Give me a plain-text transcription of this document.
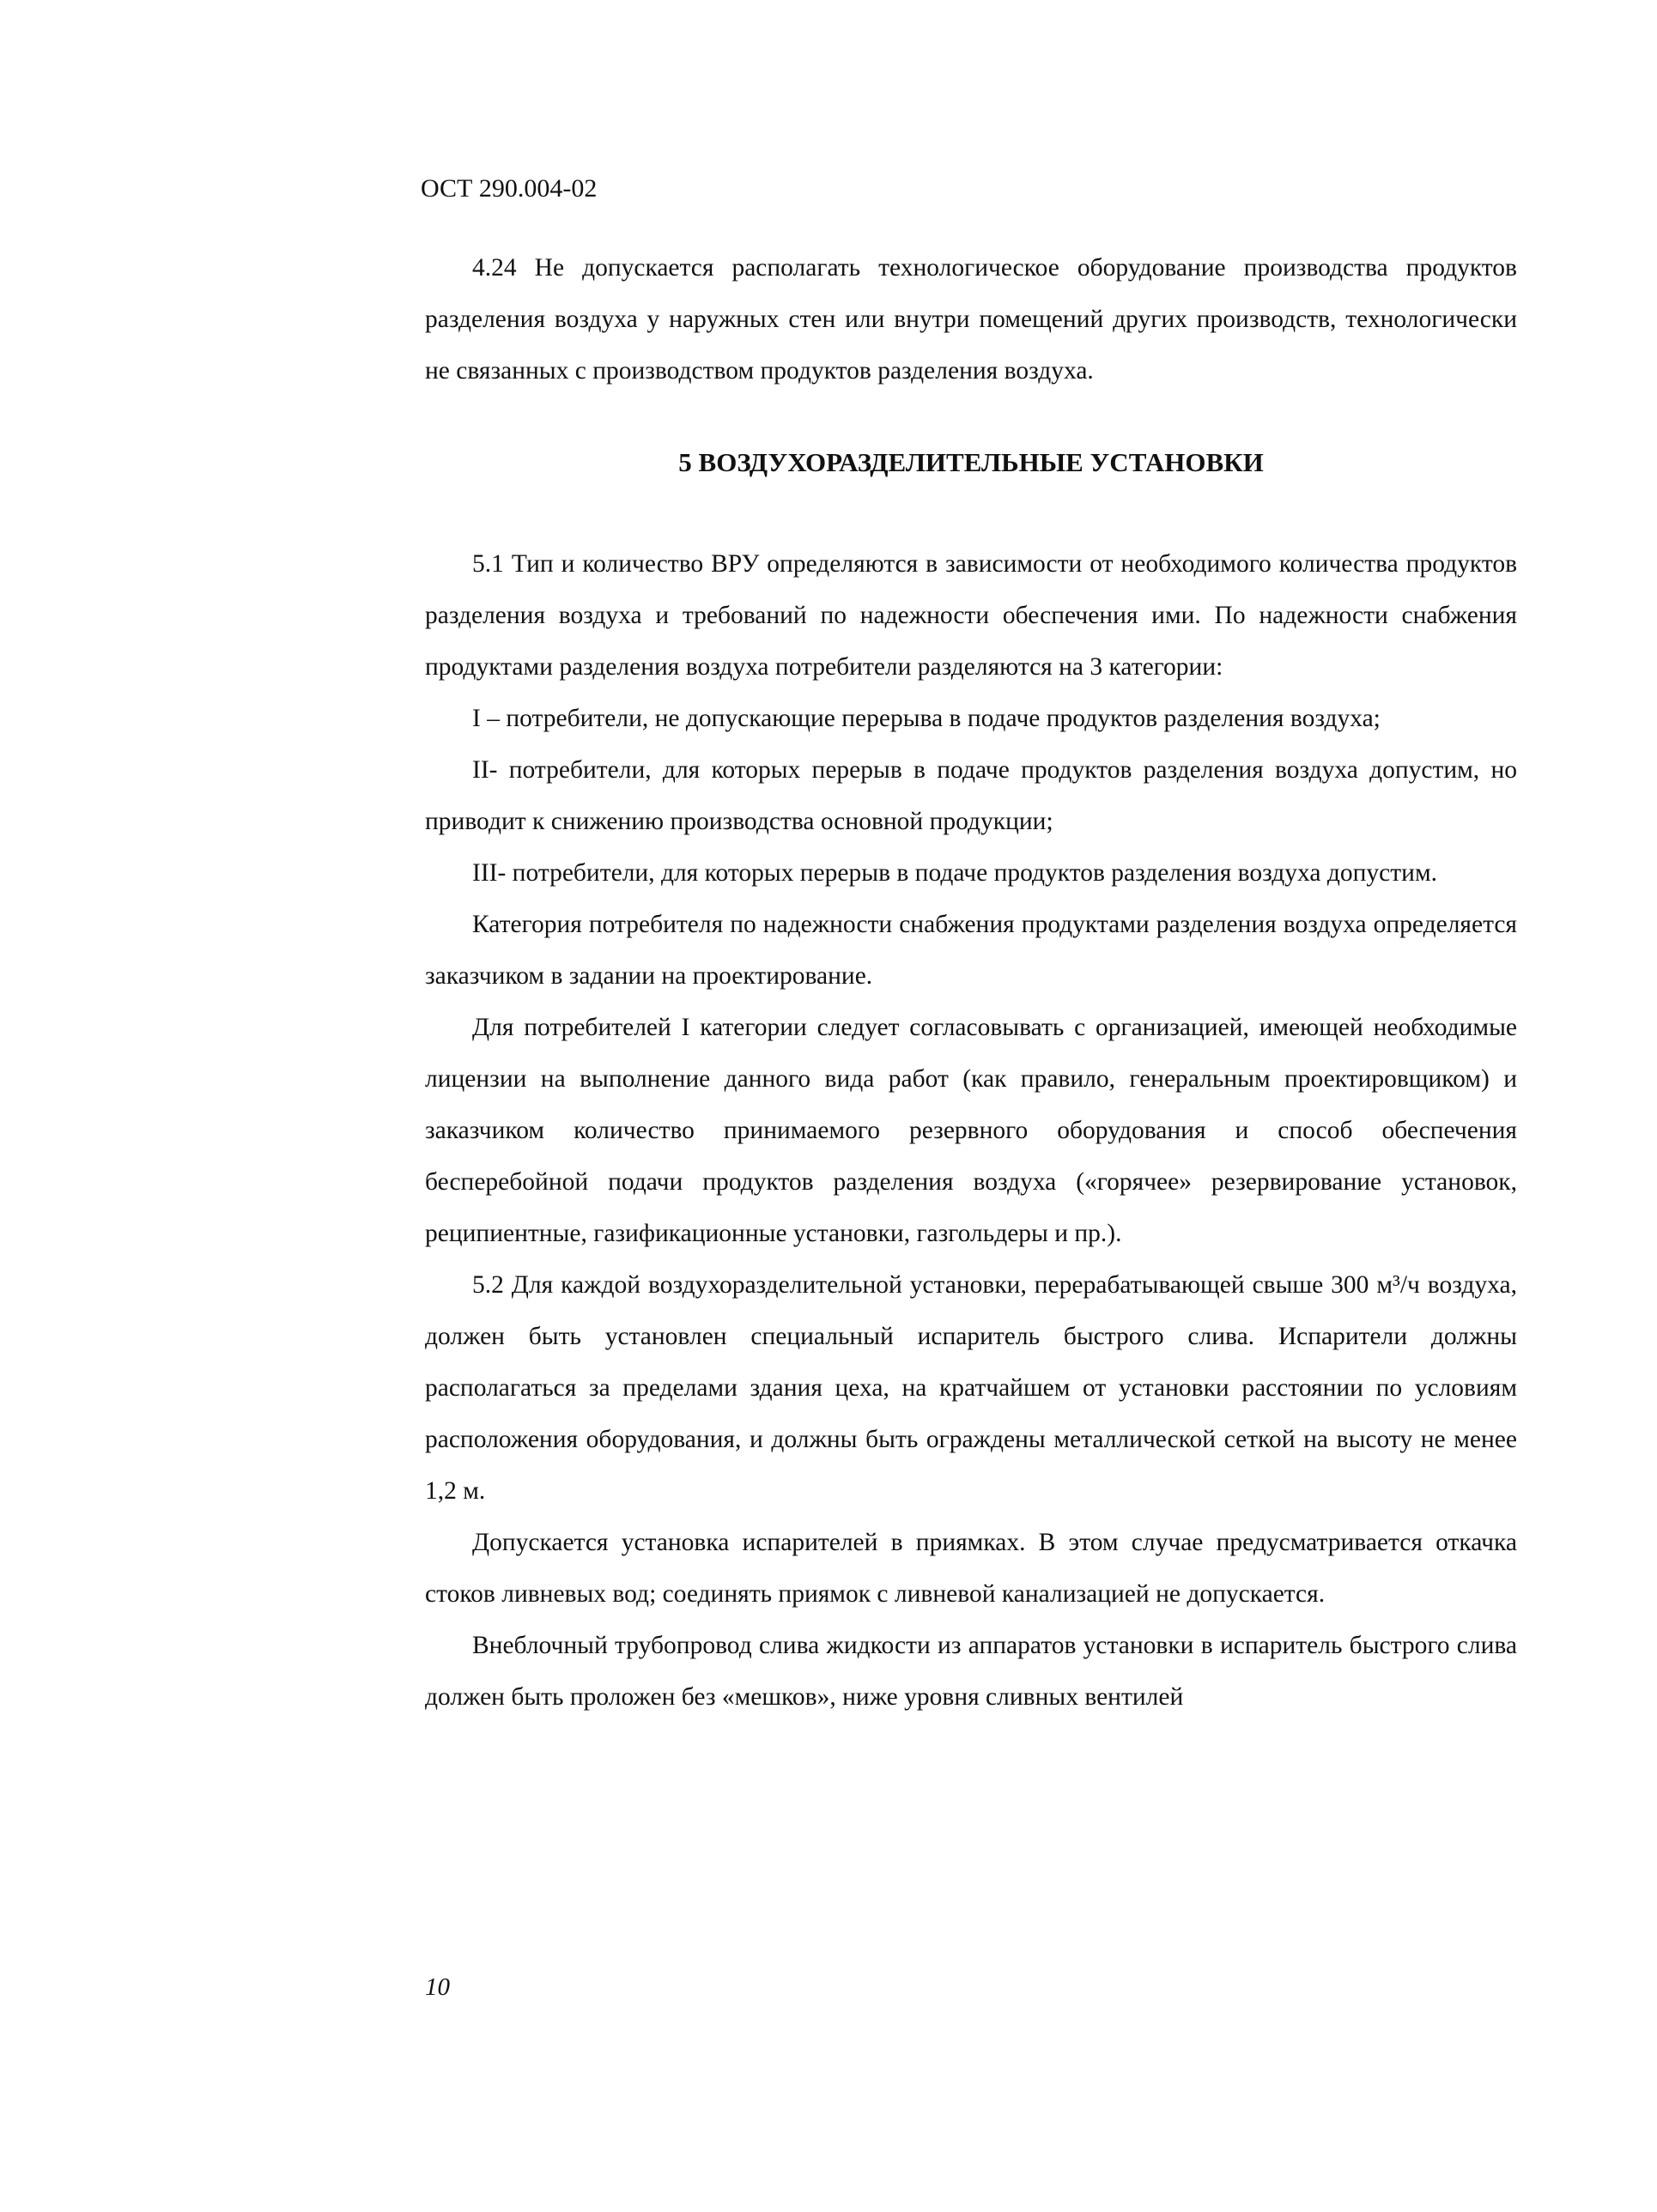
ОСТ 290.004-02

4.24 Не допускается располагать технологическое оборудование производства продуктов разделения воздуха у наружных стен или внутри помещений других производств, технологически не связанных с производством продуктов разделения воздуха.

5 ВОЗДУХОРАЗДЕЛИТЕЛЬНЫЕ УСТАНОВКИ

5.1 Тип и количество ВРУ определяются в зависимости от необходимого количества продуктов разделения воздуха и требований по надежности обеспечения ими. По надежности снабжения продуктами разделения воздуха потребители разделяются на 3 категории:

I – потребители, не допускающие перерыва в подаче продуктов разделения воздуха;

II- потребители, для которых перерыв в подаче продуктов разделения воздуха допустим, но приводит к снижению производства основной продукции;

III- потребители, для которых перерыв в подаче продуктов разделения воздуха допустим.

Категория потребителя по надежности снабжения продуктами разделения воздуха определяется заказчиком в задании на проектирование.

Для потребителей I категории следует согласовывать с организацией, имеющей необходимые лицензии на выполнение данного вида работ (как правило, генеральным проектировщиком) и заказчиком количество принимаемого резервного оборудования и способ обеспечения бесперебойной подачи продуктов разделения воздуха («горячее» резервирование установок, реципиентные, газификационные установки, газгольдеры и пр.).

5.2 Для каждой воздухоразделительной установки, перерабатывающей свыше 300 м³/ч воздуха, должен быть установлен специальный испаритель быстрого слива. Испарители должны располагаться за пределами здания цеха, на кратчайшем от установки расстоянии по условиям расположения оборудования, и должны быть ограждены металлической сеткой на высоту не менее 1,2 м.

Допускается установка испарителей в приямках. В этом случае предусматривается откачка стоков ливневых вод; соединять приямок с ливневой канализацией не допускается.

Внеблочный трубопровод слива жидкости из аппаратов установки в испаритель быстрого слива должен быть проложен без «мешков», ниже уровня сливных вентилей

10
